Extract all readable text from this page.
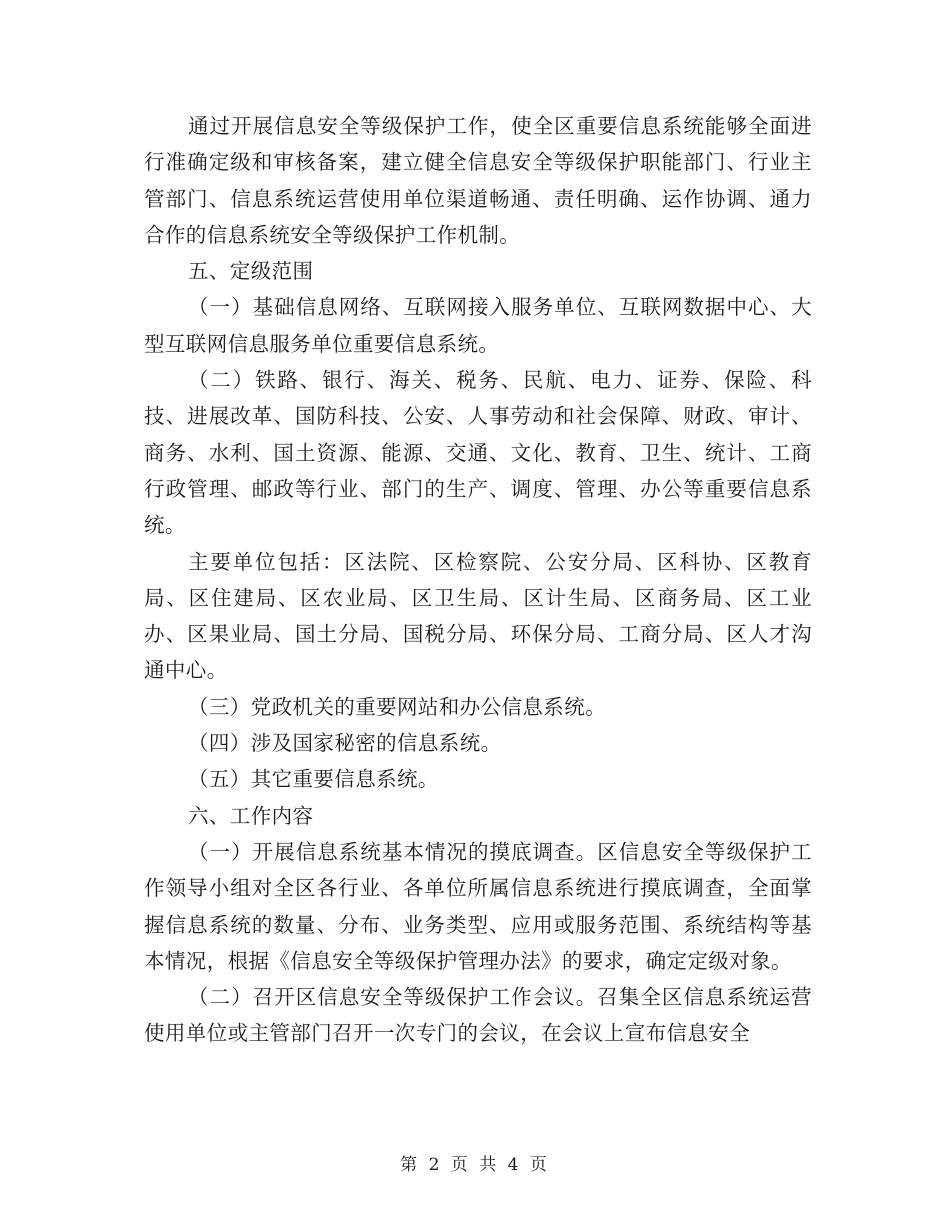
通过开展信息安全等级保护工作，使全区重要信息系统能够全面进行准确定级和审核备案，建立健全信息安全等级保护职能部门、行业主管部门、信息系统运营使用单位渠道畅通、责任明确、运作协调、通力合作的信息系统安全等级保护工作机制。

五、定级范围

（一）基础信息网络、互联网接入服务单位、互联网数据中心、大型互联网信息服务单位重要信息系统。

（二）铁路、银行、海关、税务、民航、电力、证券、保险、科技、进展改革、国防科技、公安、人事劳动和社会保障、财政、审计、商务、水利、国土资源、能源、交通、文化、教育、卫生、统计、工商行政管理、邮政等行业、部门的生产、调度、管理、办公等重要信息系统。

主要单位包括：区法院、区检察院、公安分局、区科协、区教育局、区住建局、区农业局、区卫生局、区计生局、区商务局、区工业办、区果业局、国土分局、国税分局、环保分局、工商分局、区人才沟通中心。

（三）党政机关的重要网站和办公信息系统。

（四）涉及国家秘密的信息系统。

（五）其它重要信息系统。

六、工作内容

（一）开展信息系统基本情况的摸底调查。区信息安全等级保护工作领导小组对全区各行业、各单位所属信息系统进行摸底调查，全面掌握信息系统的数量、分布、业务类型、应用或服务范围、系统结构等基本情况，根据《信息安全等级保护管理办法》的要求，确定定级对象。

（二）召开区信息安全等级保护工作会议。召集全区信息系统运营使用单位或主管部门召开一次专门的会议，在会议上宣布信息安全

第 2 页 共 4 页
